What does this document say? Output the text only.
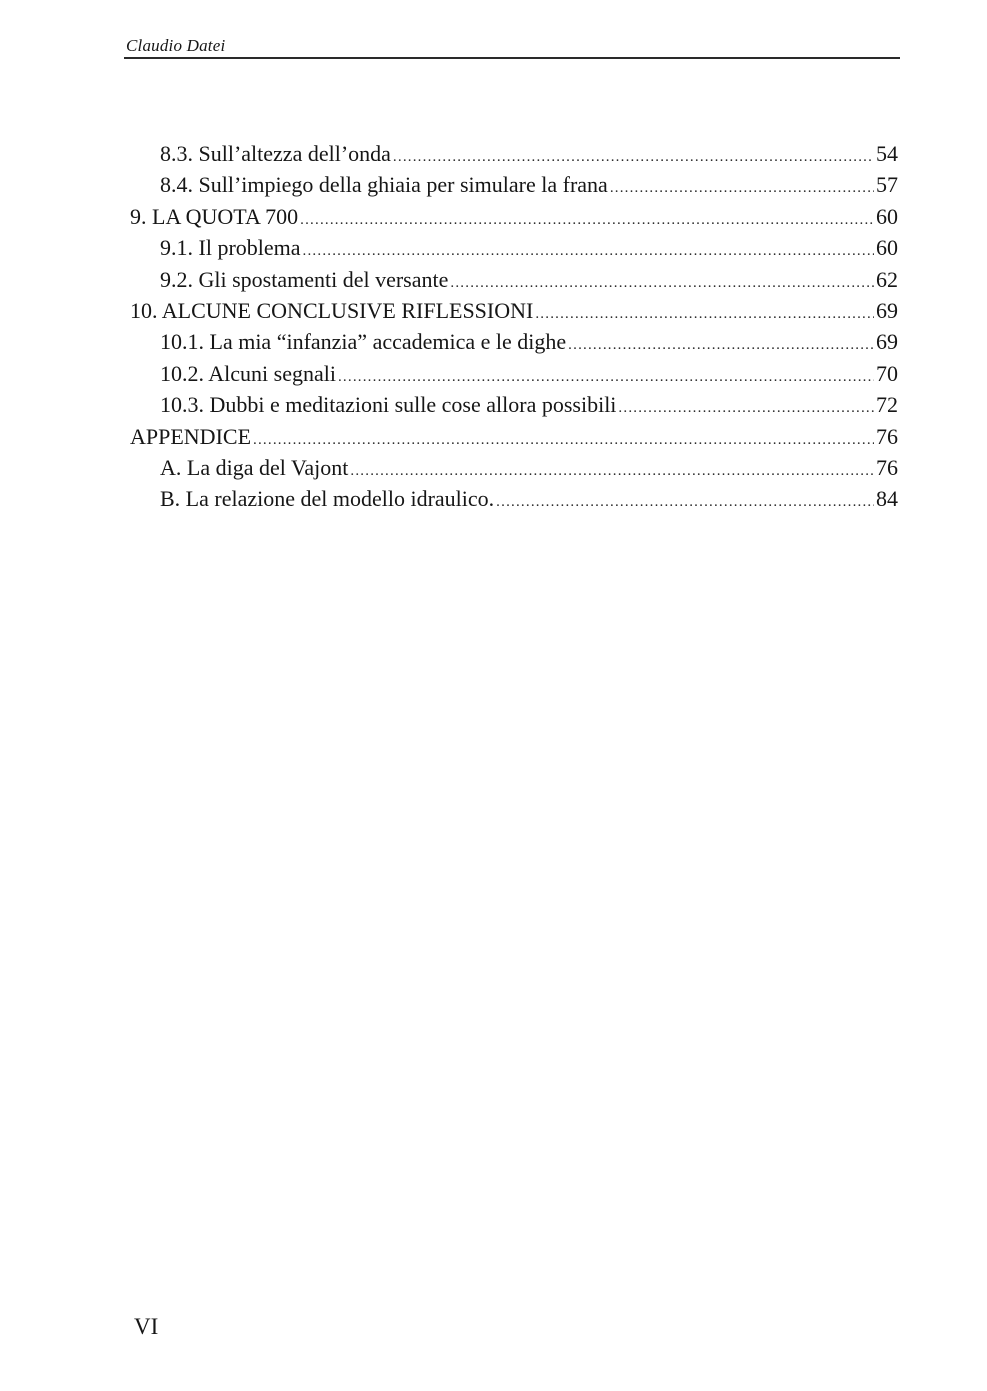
Claudio Datei
8.3. Sull’altezza dell’onda .....	54
8.4. Sull’impiego della ghiaia per simulare la frana .....	57
9. LA QUOTA 700 .....	60
9.1. Il problema .....	60
9.2. Gli spostamenti del versante .....	62
10. ALCUNE CONCLUSIVE RIFLESSIONI .....	69
10.1. La mia “infanzia” accademica e le dighe .....	69
10.2. Alcuni segnali .....	70
10.3. Dubbi e meditazioni sulle cose allora possibili .....	72
APPENDICE .....	76
A. La diga del Vajont .....	76
B. La relazione del modello idraulico. .....	84
VI
